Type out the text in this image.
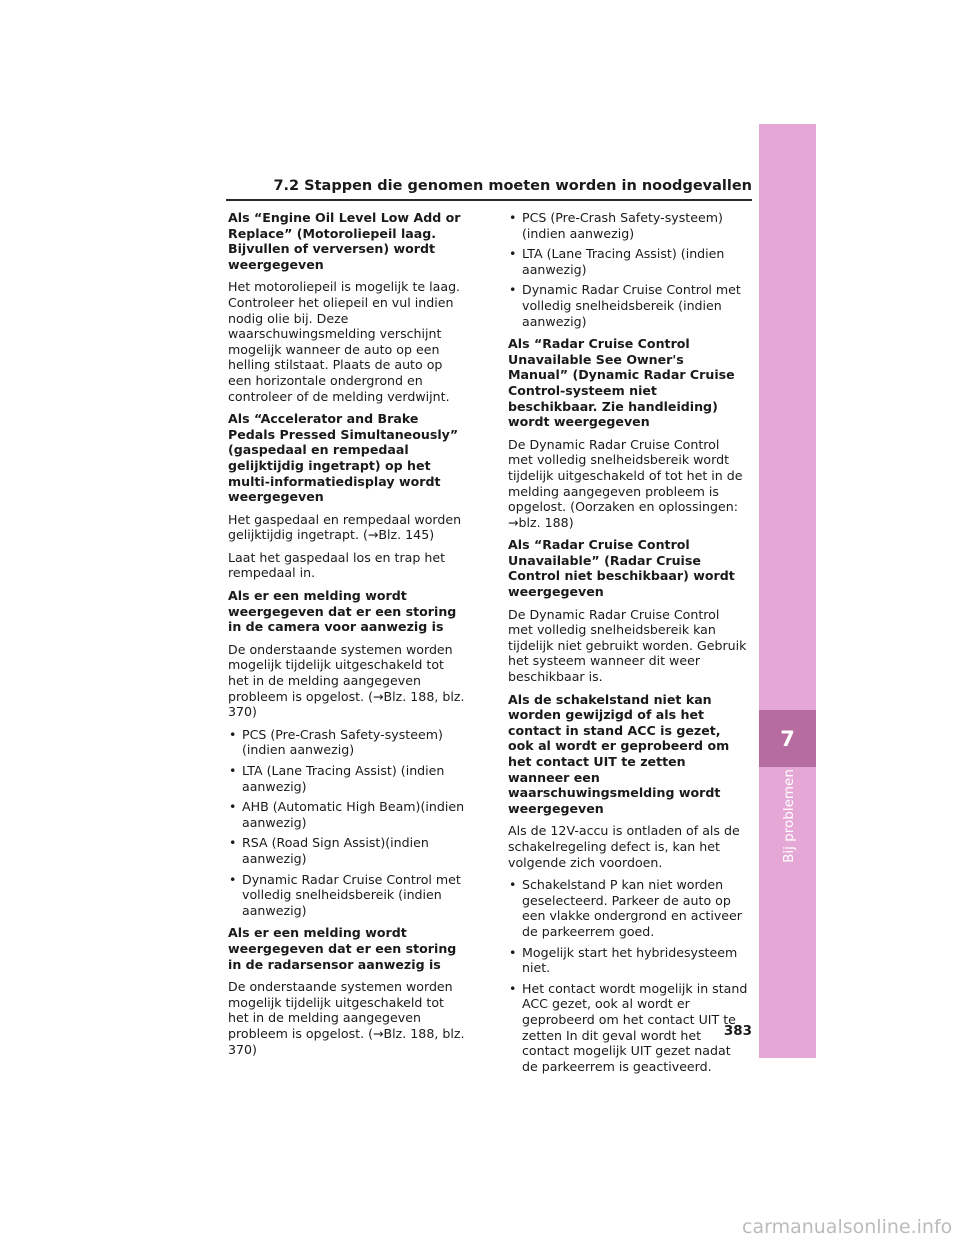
7
Bij problemen
7.2 Stappen die genomen moeten worden in noodgevallen
Als “Engine Oil Level Low Add or Replace” (Motoroliepeil laag. Bijvullen of verversen) wordt weergegeven
Het motoroliepeil is mogelijk te laag. Controleer het oliepeil en vul indien nodig olie bij. Deze waarschuwingsmelding verschijnt mogelijk wanneer de auto op een helling stilstaat. Plaats de auto op een horizontale ondergrond en controleer of de melding verdwijnt.
Als “Accelerator and Brake Pedals Pressed Simultaneously” (gaspedaal en rempedaal gelijktijdig ingetrapt) op het multi-informatiedisplay wordt weergegeven
Het gaspedaal en rempedaal worden gelijktijdig ingetrapt. (→Blz. 145)
Laat het gaspedaal los en trap het rempedaal in.
Als er een melding wordt weergegeven dat er een storing in de camera voor aanwezig is
De onderstaande systemen worden mogelijk tijdelijk uitgeschakeld tot het in de melding aangegeven probleem is opgelost. (→Blz. 188, blz. 370)
• PCS (Pre-Crash Safety-systeem) (indien aanwezig)
• LTA (Lane Tracing Assist) (indien aanwezig)
• AHB (Automatic High Beam)(indien aanwezig)
• RSA (Road Sign Assist)(indien aanwezig)
• Dynamic Radar Cruise Control met volledig snelheidsbereik (indien aanwezig)
Als er een melding wordt weergegeven dat er een storing in de radarsensor aanwezig is
De onderstaande systemen worden mogelijk tijdelijk uitgeschakeld tot het in de melding aangegeven probleem is opgelost. (→Blz. 188, blz. 370)
• PCS (Pre-Crash Safety-systeem) (indien aanwezig)
• LTA (Lane Tracing Assist) (indien aanwezig)
• Dynamic Radar Cruise Control met volledig snelheidsbereik (indien aanwezig)
Als “Radar Cruise Control Unavailable See Owner's Manual” (Dynamic Radar Cruise Control-systeem niet beschikbaar. Zie handleiding) wordt weergegeven
De Dynamic Radar Cruise Control met volledig snelheidsbereik wordt tijdelijk uitgeschakeld of tot het in de melding aangegeven probleem is opgelost. (Oorzaken en oplossingen: →blz. 188)
Als “Radar Cruise Control Unavailable” (Radar Cruise Control niet beschikbaar) wordt weergegeven
De Dynamic Radar Cruise Control met volledig snelheidsbereik kan tijdelijk niet gebruikt worden. Gebruik het systeem wanneer dit weer beschikbaar is.
Als de schakelstand niet kan worden gewijzigd of als het contact in stand ACC is gezet, ook al wordt er geprobeerd om het contact UIT te zetten wanneer een waarschuwingsmelding wordt weergegeven
Als de 12V-accu is ontladen of als de schakelregeling defect is, kan het volgende zich voordoen.
• Schakelstand P kan niet worden geselecteerd. Parkeer de auto op een vlakke ondergrond en activeer de parkeerrem goed.
• Mogelijk start het hybridesysteem niet.
• Het contact wordt mogelijk in stand ACC gezet, ook al wordt er geprobeerd om het contact UIT te zetten In dit geval wordt het contact mogelijk UIT gezet nadat de parkeerrem is geactiveerd.
383
carmanualsonline.info
